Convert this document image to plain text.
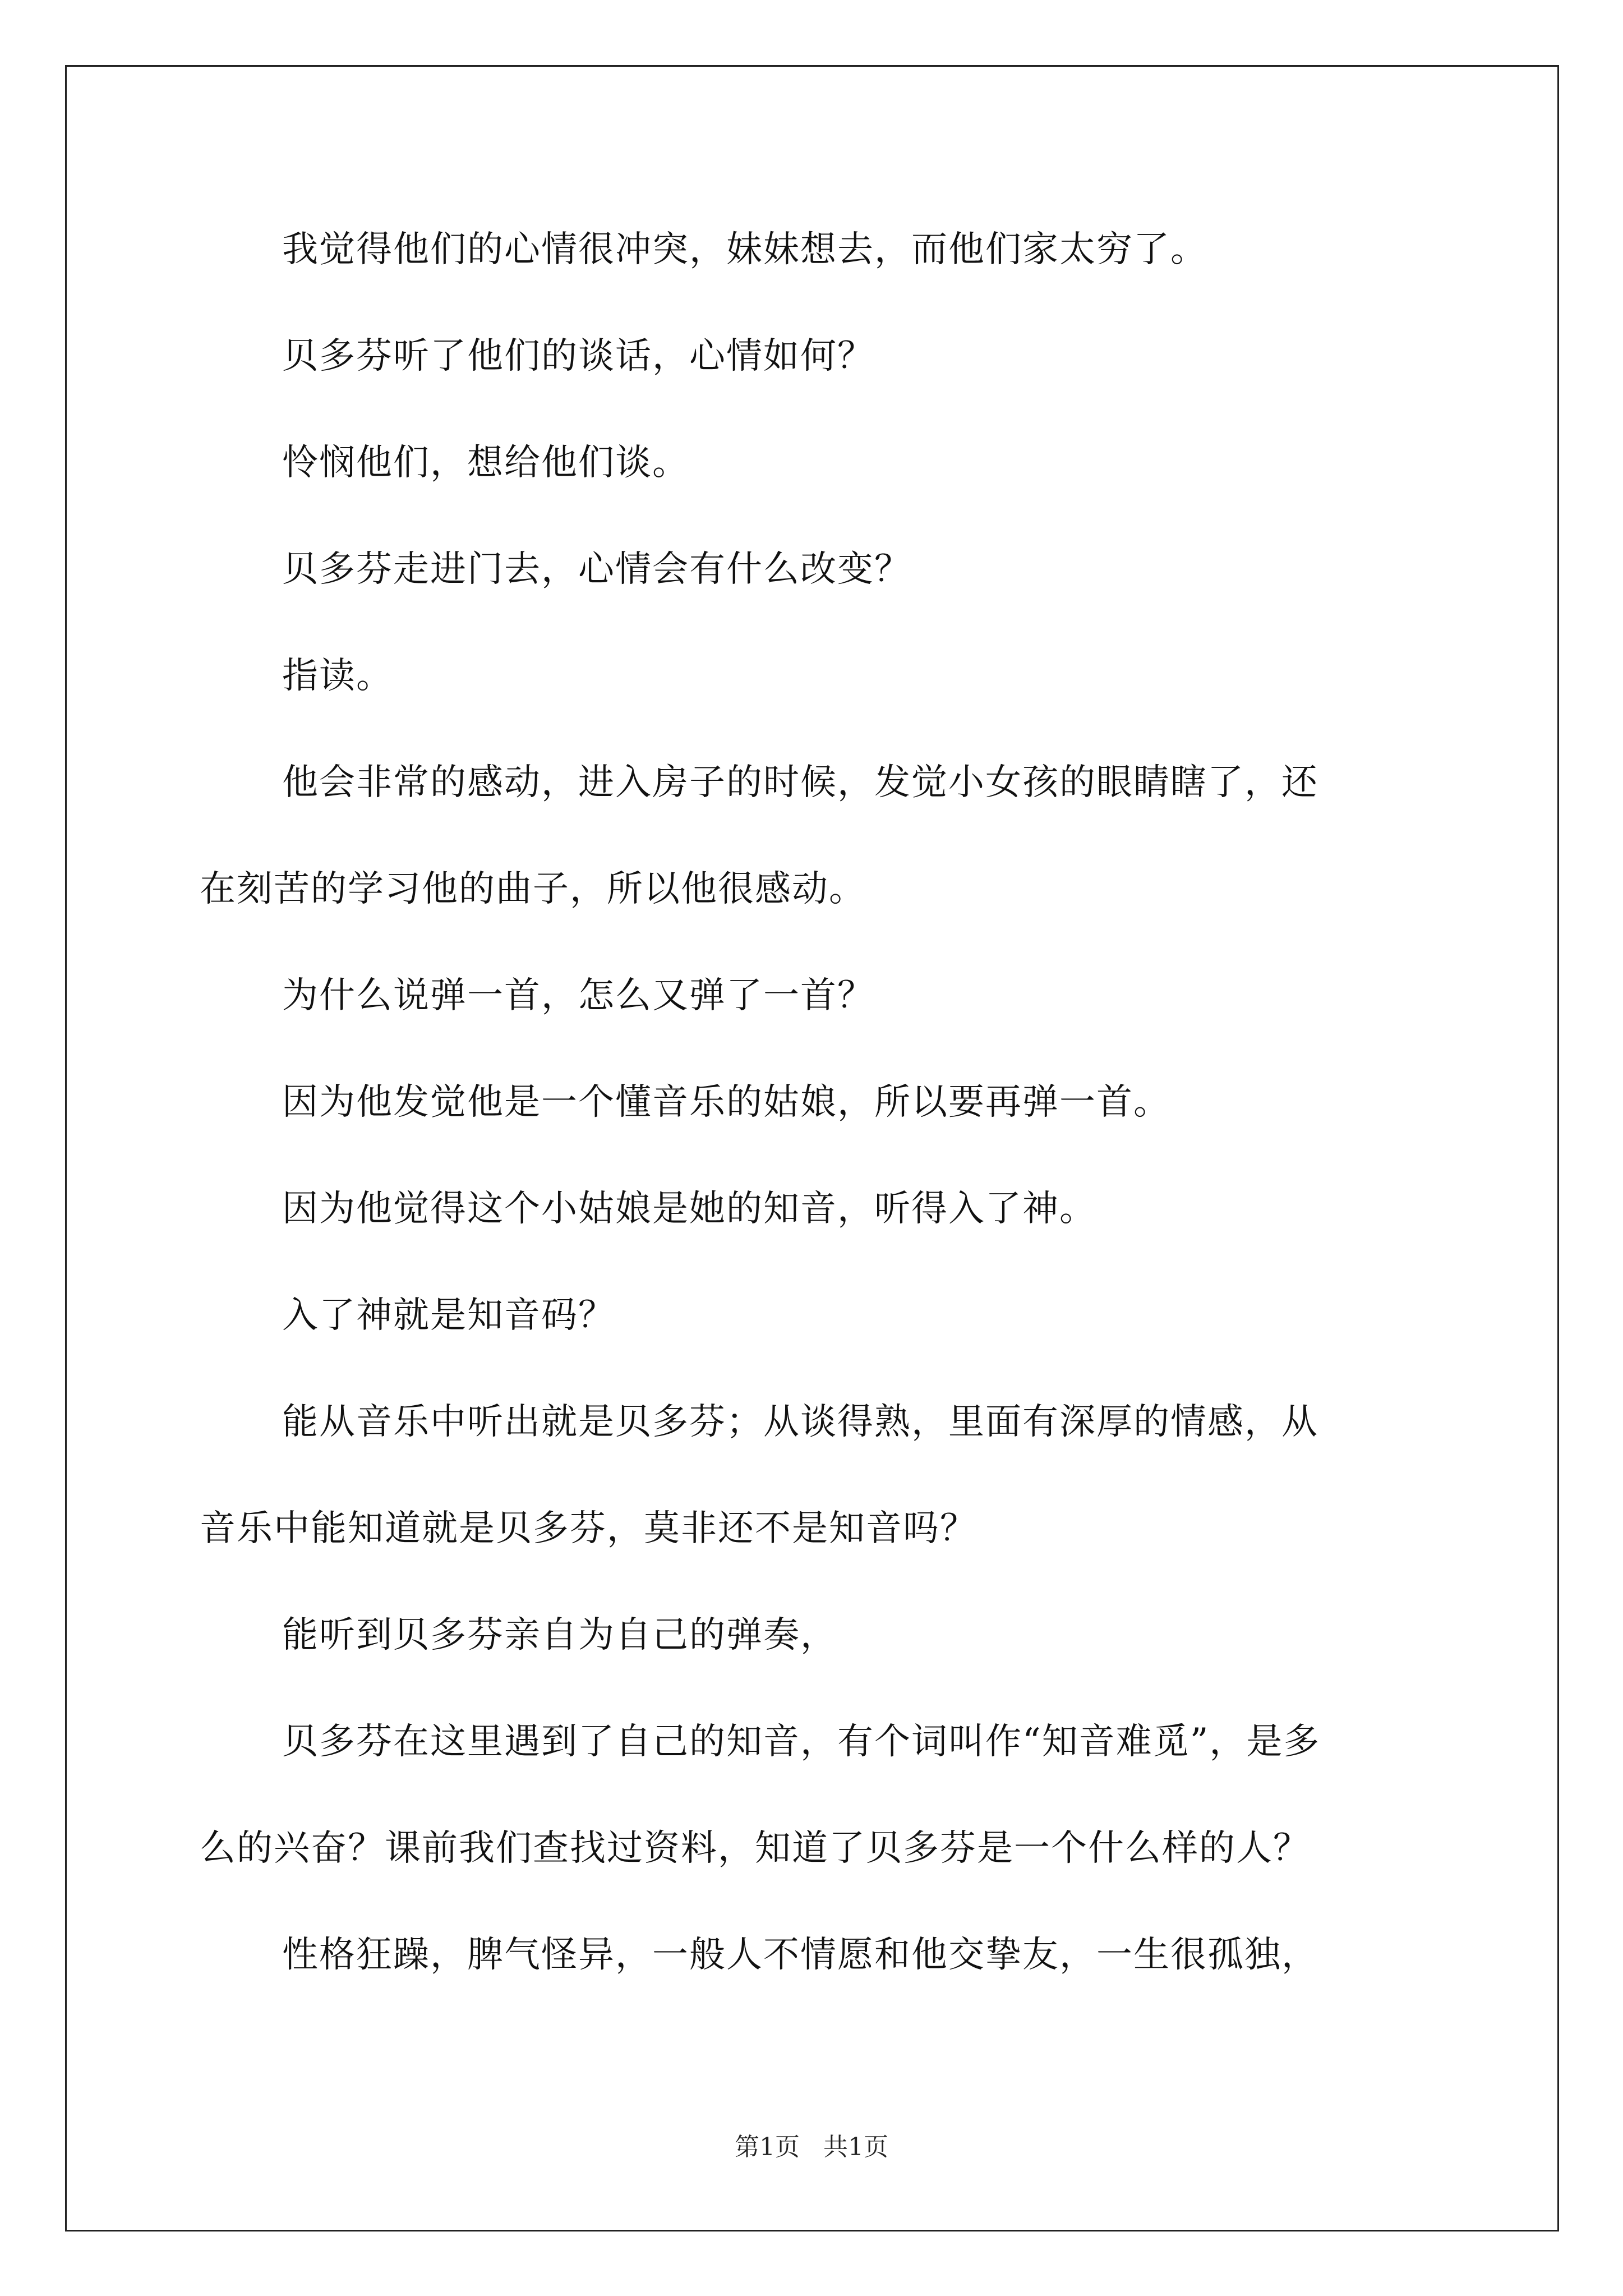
我觉得他们的心情很冲突，妹妹想去，而他们家太穷了。

贝多芬听了他们的谈话，心情如何？

怜悯他们，想给他们谈。

贝多芬走进门去，心情会有什么改变？

指读。

他会非常的感动，进入房子的时候，发觉小女孩的眼睛瞎了，还

在刻苦的学习他的曲子，所以他很感动。

为什么说弹一首，怎么又弹了一首？

因为他发觉他是一个懂音乐的姑娘，所以要再弹一首。

因为他觉得这个小姑娘是她的知音，听得入了神。

入了神就是知音码？

能从音乐中听出就是贝多芬；从谈得熟，里面有深厚的情感，从

音乐中能知道就是贝多芬，莫非还不是知音吗？

能听到贝多芬亲自为自己的弹奏，

贝多芬在这里遇到了自己的知音，有个词叫作“知音难觅”，是多

么的兴奋？课前我们查找过资料，知道了贝多芬是一个什么样的人？

性格狂躁，脾气怪异，一般人不情愿和他交挚友，一生很孤独，

第1页 共1页
